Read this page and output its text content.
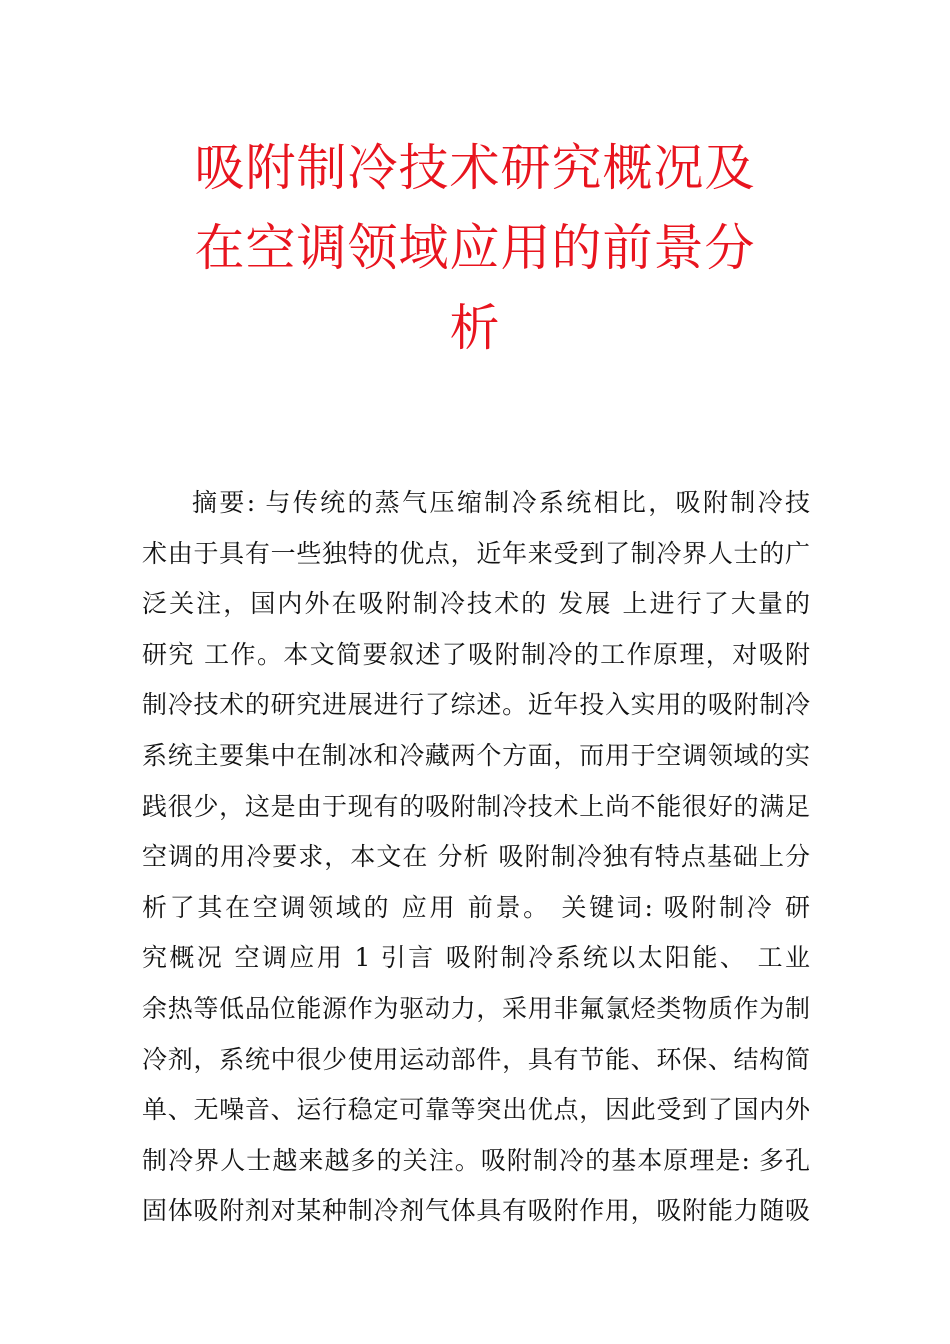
吸附制冷技术研究概况及
在空调领域应用的前景分
析
摘要: 与传统的蒸气压缩制冷系统相比，吸附制冷技
术由于具有一些独特的优点，近年来受到了制冷界人士的广
泛关注，国内外在吸附制冷技术的 发展 上进行了大量的
研究 工作。本文简要叙述了吸附制冷的工作原理，对吸附
制冷技术的研究进展进行了综述。近年投入实用的吸附制冷
系统主要集中在制冰和冷藏两个方面，而用于空调领域的实
践很少，这是由于现有的吸附制冷技术上尚不能很好的满足
空调的用冷要求，本文在 分析 吸附制冷独有特点基础上分
析了其在空调领域的 应用 前景。 关键词: 吸附制冷 研
究概况 空调应用 1 引言 吸附制冷系统以太阳能、 工业
余热等低品位能源作为驱动力，采用非氟氯烃类物质作为制
冷剂，系统中很少使用运动部件，具有节能、环保、结构简
单、无噪音、运行稳定可靠等突出优点，因此受到了国内外
制冷界人士越来越多的关注。吸附制冷的基本原理是: 多孔
固体吸附剂对某种制冷剂气体具有吸附作用，吸附能力随吸
